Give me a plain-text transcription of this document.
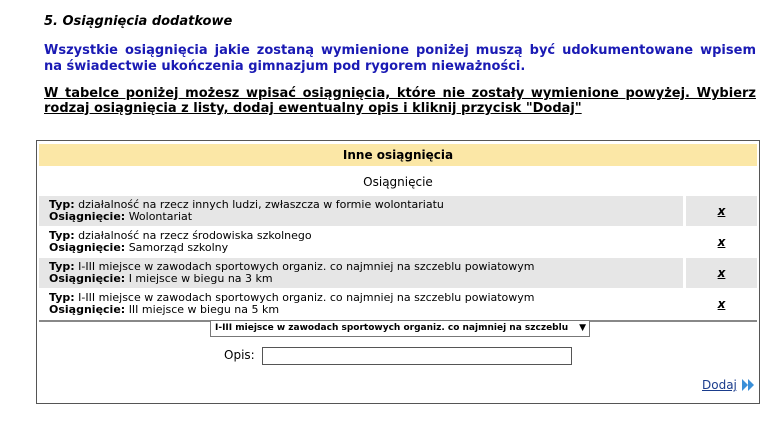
5. Osiągnięcia dodatkowe
Wszystkie osiągnięcia jakie zostaną wymienione poniżej muszą być udokumentowane wpisem na świadectwie ukończenia gimnazjum pod rygorem nieważności.
W tabelce poniżej możesz wpisać osiągnięcia, które nie zostały wymienione powyżej. Wybierz rodzaj osiągnięcia z listy, dodaj ewentualny opis i kliknij przycisk "Dodaj"
Inne osiągnięcia
Osiągnięcie
Typ: działalność na rzecz innych ludzi, zwłaszcza w formie wolontariatu
Osiągnięcie: Wolontariat	x
Typ: działalność na rzecz środowiska szkolnego
Osiągnięcie: Samorząd szkolny	x
Typ: I-III miejsce w zawodach sportowych organiz. co najmniej na szczeblu powiatowym
Osiągnięcie: I miejsce w biegu na 3 km	x
Typ: I-III miejsce w zawodach sportowych organiz. co najmniej na szczeblu powiatowym
Osiągnięcie: III miejsce w biegu na 5 km	x
I-III miejsce w zawodach sportowych organiz. co najmniej na szczeblu ▼
Opis:
Dodaj
